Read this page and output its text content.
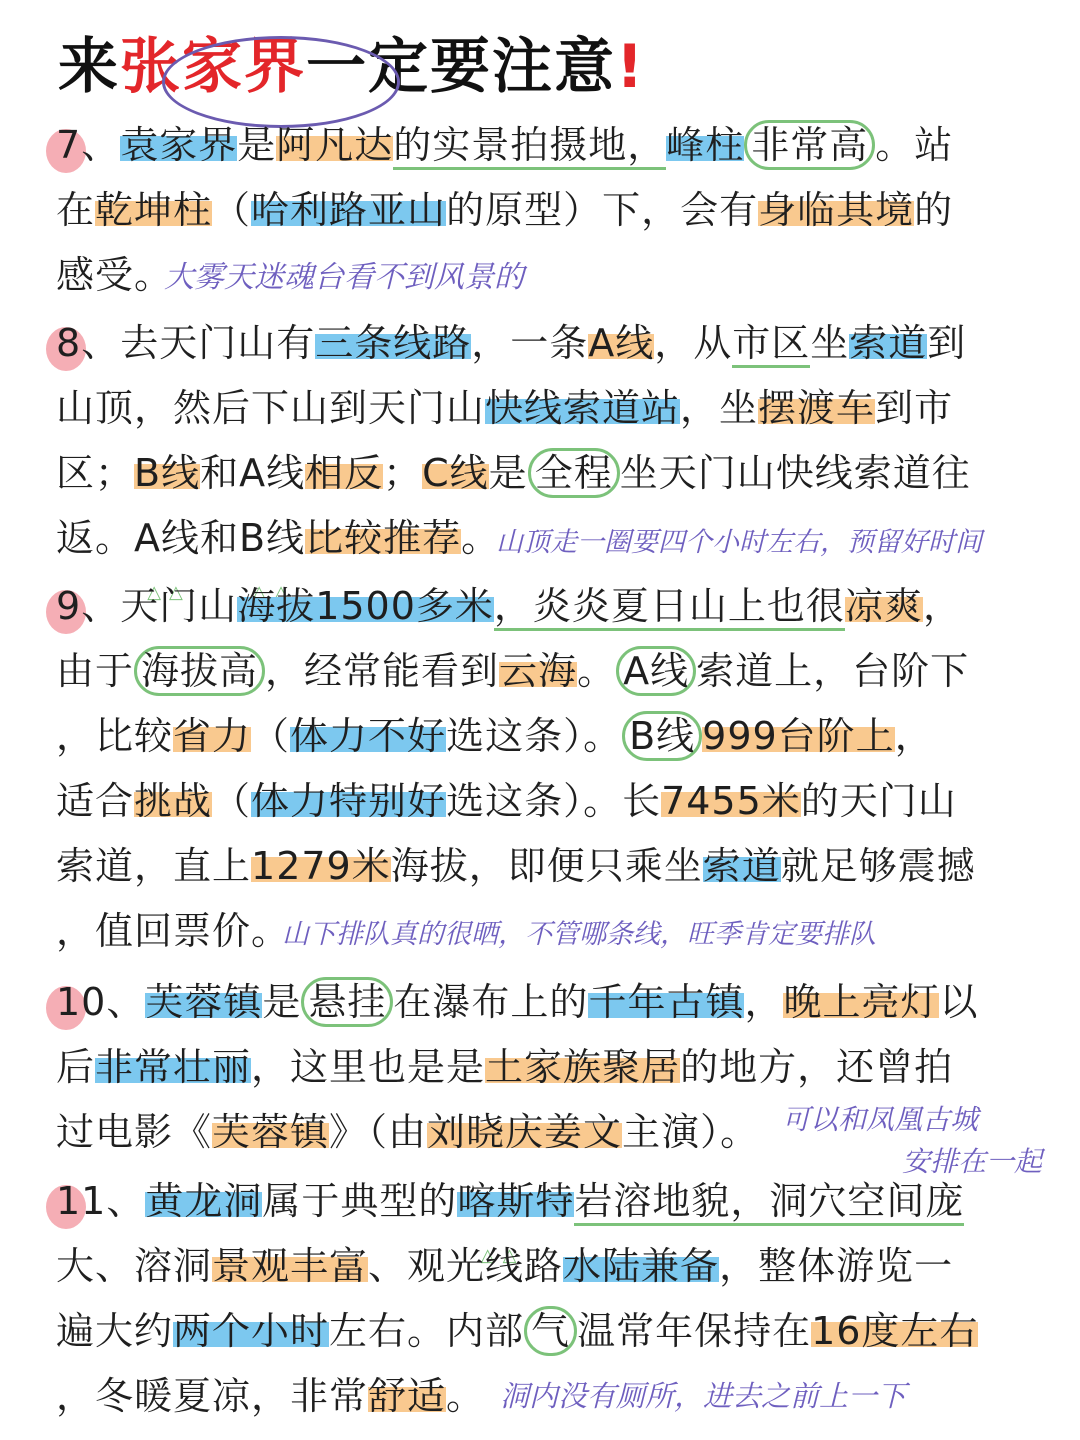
来张家界一定要注意!
7、袁家界是阿凡达的实景拍摄地，峰柱 非常高 。站
在乾坤柱（哈利路亚山的原型）下，会有身临其境的
感受。
大雾天迷魂台看不到风景的
8、去天门山有三条线路，一条A线，从市区坐索道到
山顶，然后下山到天门山快线索道站，坐摆渡车到市
区；B线和A线相反；C线是 全程 坐天门山快线索道往
返。A线 △△和B线 △△比较推荐。
山顶走一圈要四个小时左右，预留好时间
9、天门山海拔1500多米，炎炎夏日山上也很凉爽，
由于 海拔高 ，经常能看到云海。 A线 索道上，台阶下
，比较省力（体力不好选这条）。 B线 999台阶上，
适合挑战（体力特别好选这条）。长7455米的天门山
索道，直上1279米海拔，即便只乘坐索道就足够震撼
，值回票价。
山下排队真的很晒，不管哪条线，旺季肯定要排队
10、芙蓉镇是 悬挂 在瀑布上的千年古镇，晚上亮灯以
后非常壮丽，这里也是是土家族聚居的地方，还曾拍
过电影《芙蓉镇》（由刘晓庆姜文主演）。 可以和凤凰古城
安排在一起
11、黄龙洞属于典型的喀斯特 △△岩溶地貌，洞穴空间庞
大、溶洞景观丰富、观光线路水陆兼备，整体游览一
遍大约两个小时左右。内部 气 温常年保持在16度左右
，冬暖夏凉，非常舒适。 洞内没有厕所，进去之前上一下
